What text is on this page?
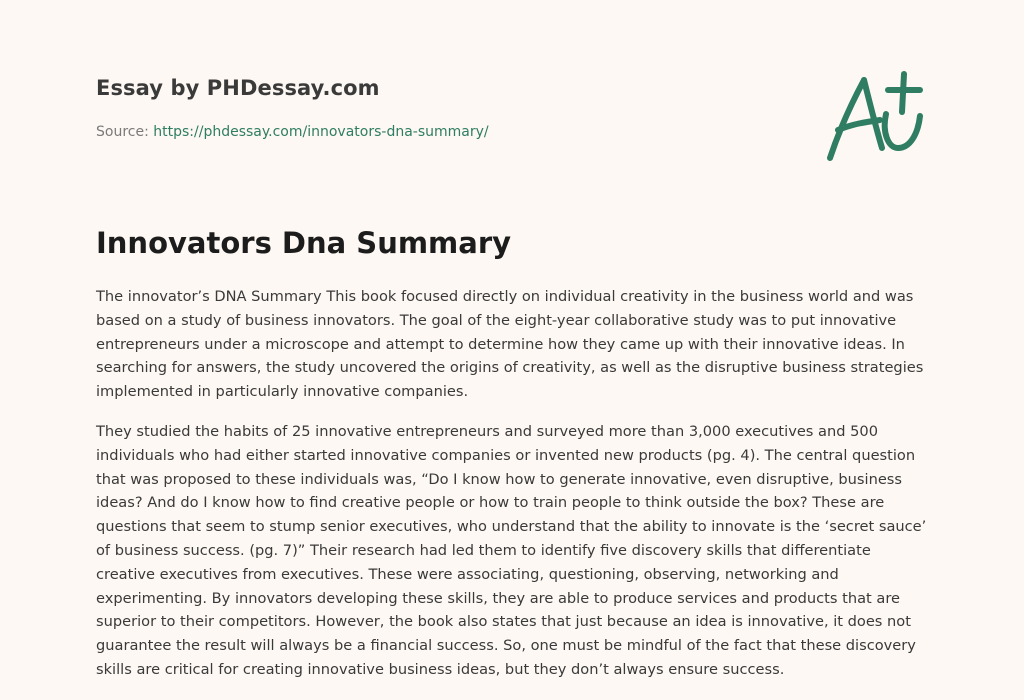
Essay by PHDessay.com
Source: https://phdessay.com/innovators-dna-summary/
Innovators Dna Summary

The innovator’s DNA Summary This book focused directly on individual creativity in the business world and was based on a study of business innovators. The goal of the eight-year collaborative study was to put innovative entrepreneurs under a microscope and attempt to determine how they came up with their innovative ideas. In searching for answers, the study uncovered the origins of creativity, as well as the disruptive business strategies implemented in particularly innovative companies.

They studied the habits of 25 innovative entrepreneurs and surveyed more than 3,000 executives and 500 individuals who had either started innovative companies or invented new products (pg. 4). The central question that was proposed to these individuals was, “Do I know how to generate innovative, even disruptive, business ideas? And do I know how to find creative people or how to train people to think outside the box? These are questions that seem to stump senior executives, who understand that the ability to innovate is the ‘secret sauce’ of business success. (pg. 7)” Their research had led them to identify five discovery skills that differentiate creative executives from executives. These were associating, questioning, observing, networking and experimenting. By innovators developing these skills, they are able to produce services and products that are superior to their competitors. However, the book also states that just because an idea is innovative, it does not guarantee the result will always be a financial success. So, one must be mindful of the fact that these discovery skills are critical for creating innovative business ideas, but they don’t always ensure success.
